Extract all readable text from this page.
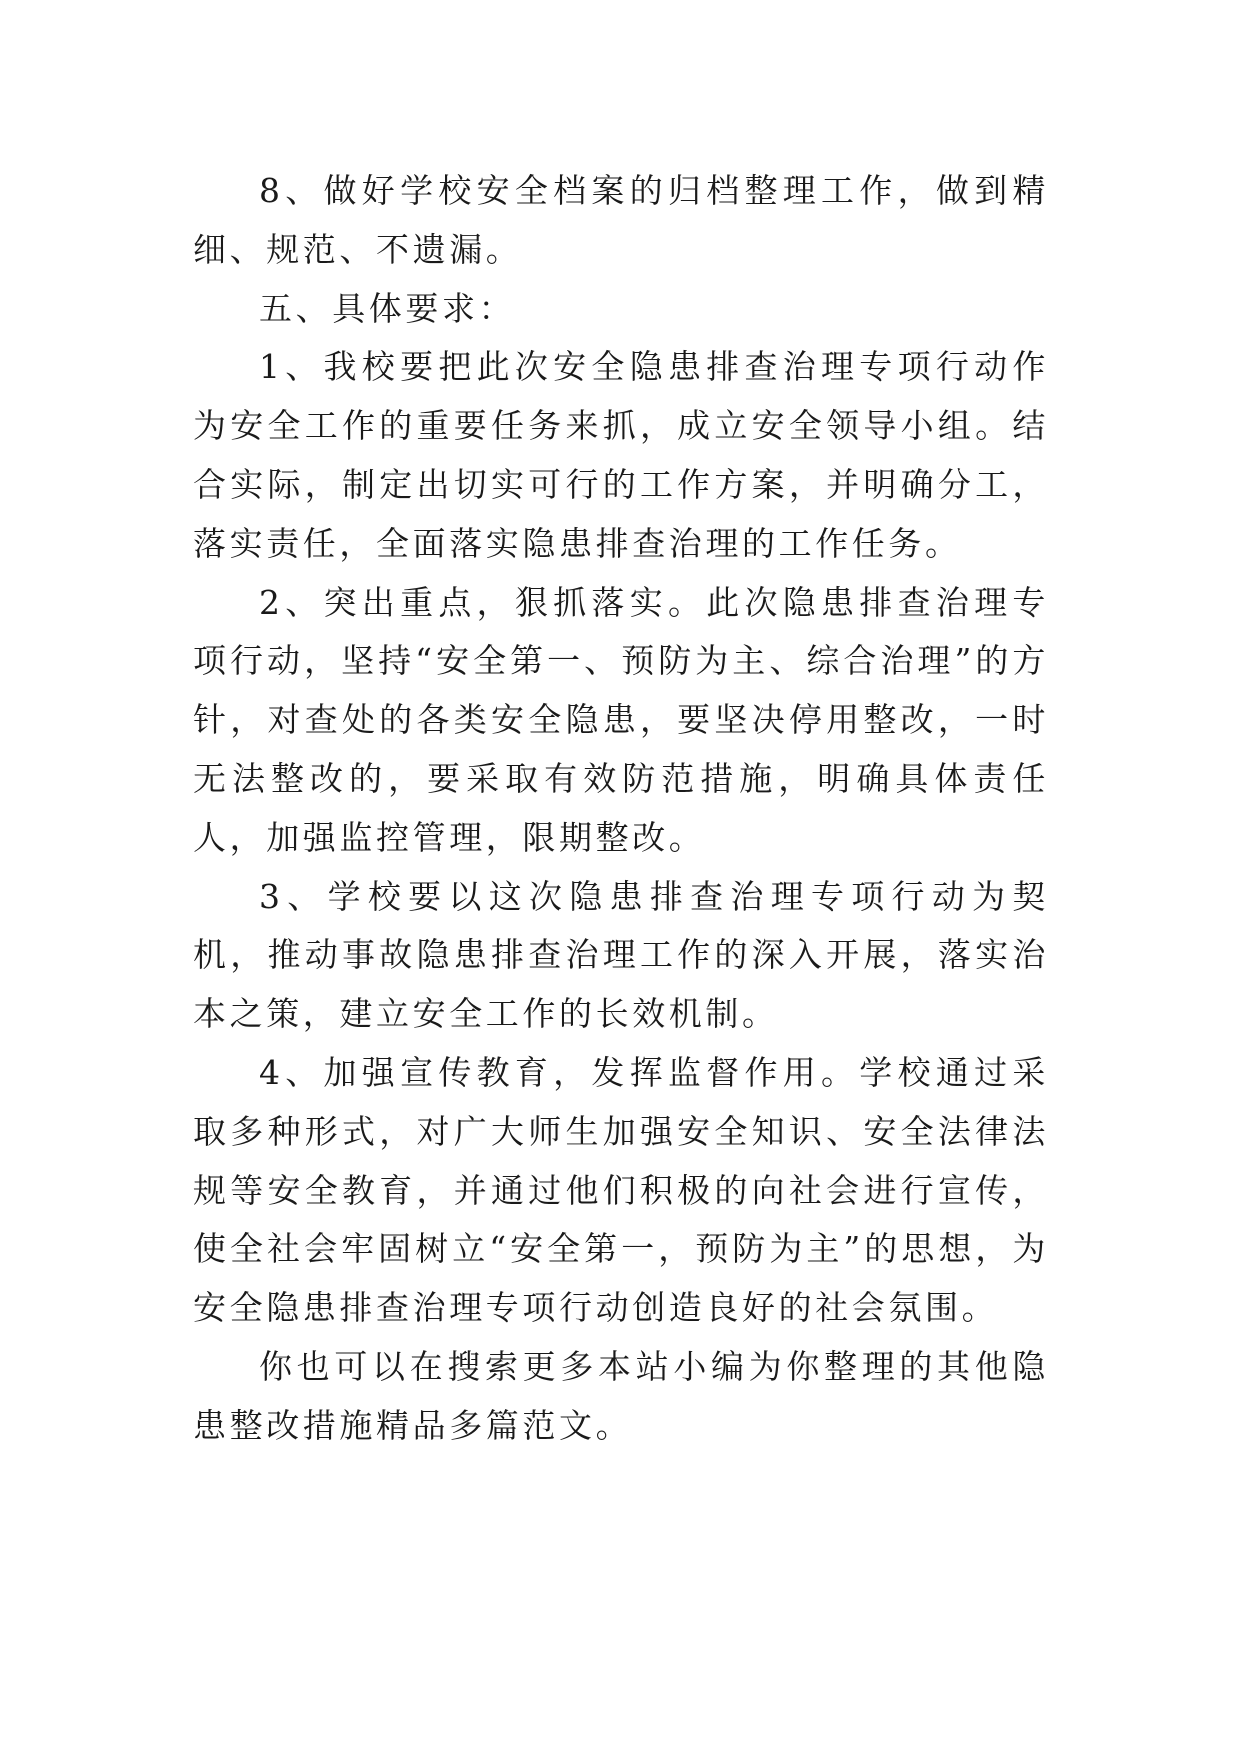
8、做好学校安全档案的归档整理工作，做到精细、规范、不遗漏。

五、具体要求：

1、我校要把此次安全隐患排查治理专项行动作为安全工作的重要任务来抓，成立安全领导小组。结合实际，制定出切实可行的工作方案，并明确分工，落实责任，全面落实隐患排查治理的工作任务。

2、突出重点，狠抓落实。此次隐患排查治理专项行动，坚持“安全第一、预防为主、综合治理”的方针，对查处的各类安全隐患，要坚决停用整改，一时无法整改的，要采取有效防范措施，明确具体责任人，加强监控管理，限期整改。

3、学校要以这次隐患排查治理专项行动为契机，推动事故隐患排查治理工作的深入开展，落实治本之策，建立安全工作的长效机制。

4、加强宣传教育，发挥监督作用。学校通过采取多种形式，对广大师生加强安全知识、安全法律法规等安全教育，并通过他们积极的向社会进行宣传，使全社会牢固树立“安全第一，预防为主”的思想，为安全隐患排查治理专项行动创造良好的社会氛围。

你也可以在搜索更多本站小编为你整理的其他隐患整改措施精品多篇范文。
